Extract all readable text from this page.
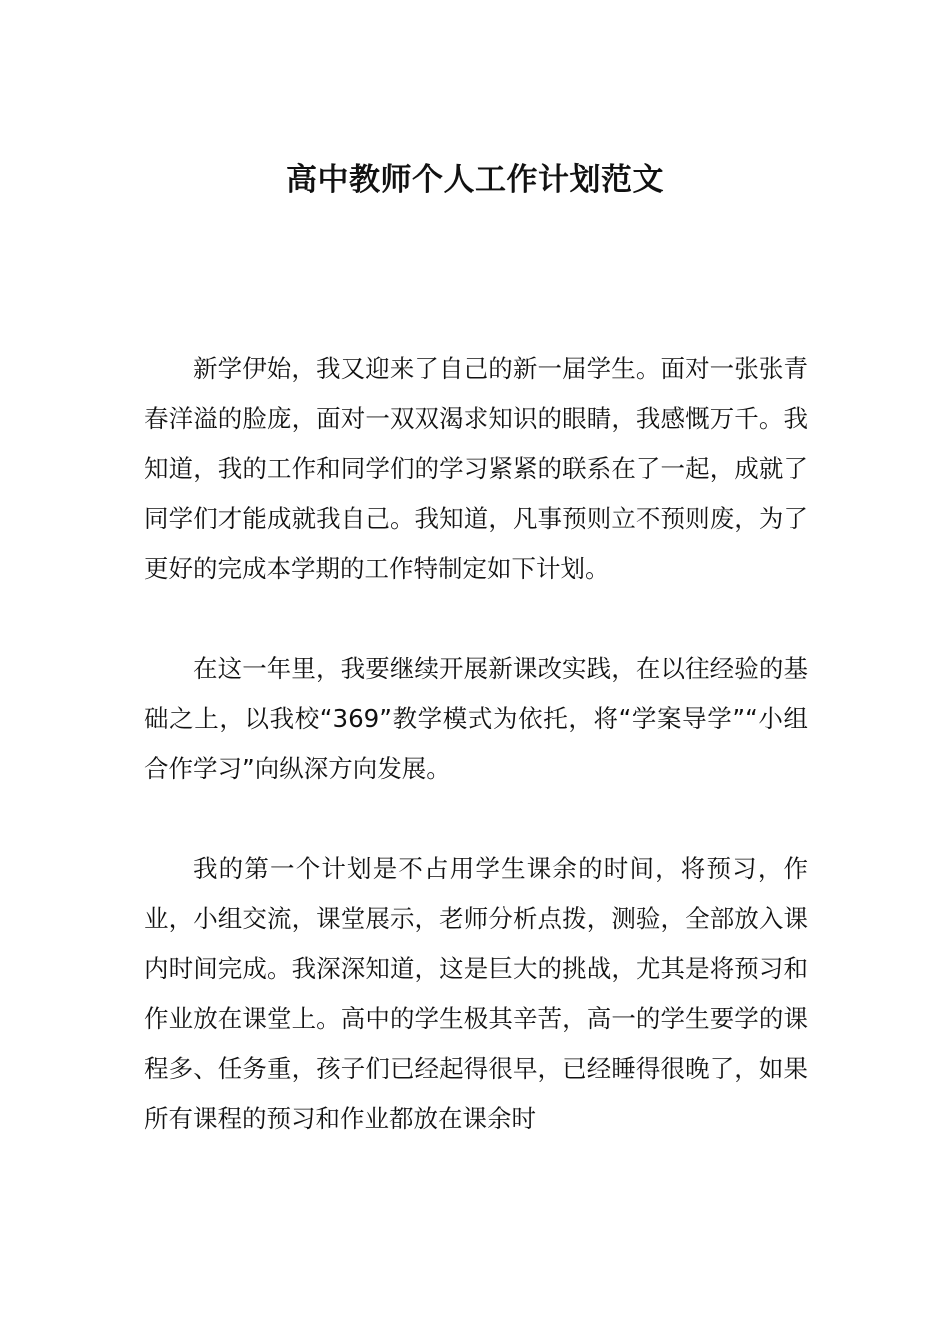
高中教师个人工作计划范文

新学伊始，我又迎来了自己的新一届学生。面对一张张青春洋溢的脸庞，面对一双双渴求知识的眼睛，我感慨万千。我知道，我的工作和同学们的学习紧紧的联系在了一起，成就了同学们才能成就我自己。我知道，凡事预则立不预则废，为了更好的完成本学期的工作特制定如下计划。

在这一年里，我要继续开展新课改实践，在以往经验的基础之上，以我校“369”教学模式为依托，将“学案导学”“小组合作学习”向纵深方向发展。

我的第一个计划是不占用学生课余的时间，将预习，作业，小组交流，课堂展示，老师分析点拨，测验，全部放入课内时间完成。我深深知道，这是巨大的挑战，尤其是将预习和作业放在课堂上。高中的学生极其辛苦，高一的学生要学的课程多、任务重，孩子们已经起得很早，已经睡得很晚了，如果所有课程的预习和作业都放在课余时
